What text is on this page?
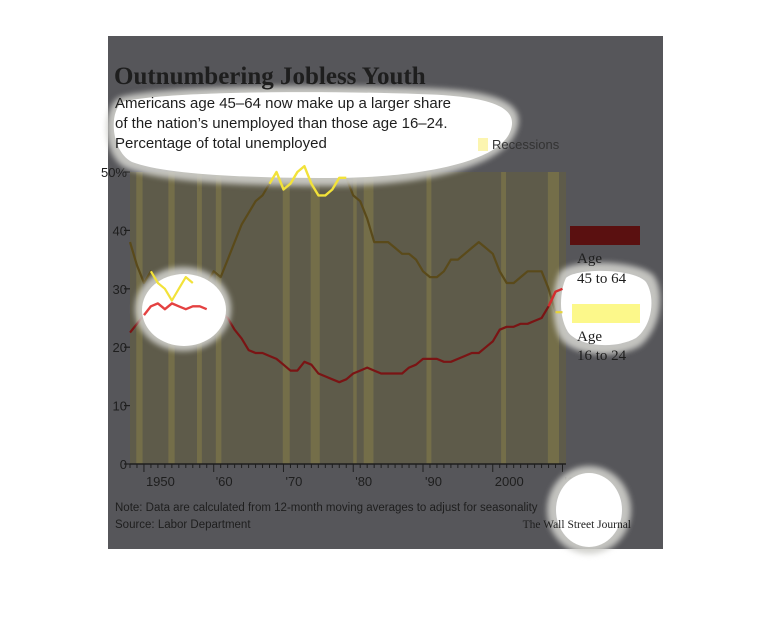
0
10
20
30
40
50%
1950	'60	'70	'80	'90	2000
Outnumbering Jobless Youth
Americans age 45–64 now make up a larger share
of the nation’s unemployed than those age 16–24.
Percentage of total unemployed	Recessions
Age
45 to 64
Age
16 to 24
Note: Data are calculated from 12-month moving averages to adjust for seasonality
Source: Labor Department	The Wall Street Journal
